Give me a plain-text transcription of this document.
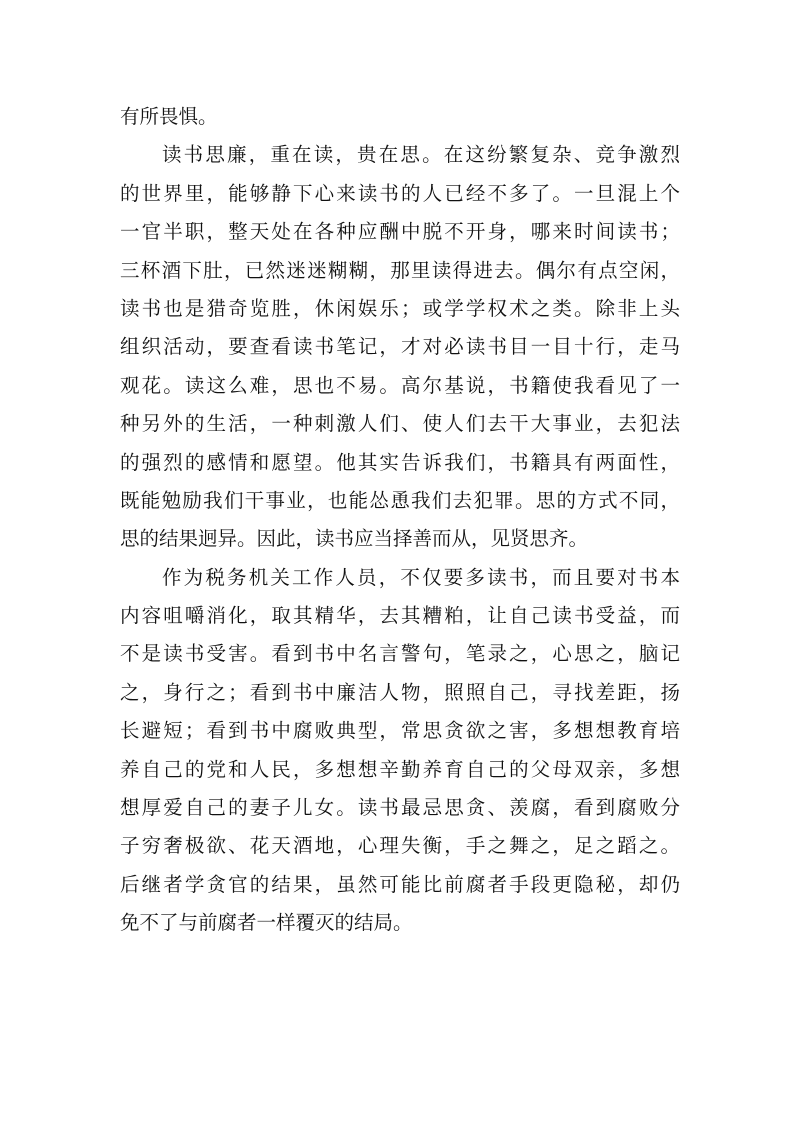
有所畏惧。
读书思廉，重在读，贵在思。在这纷繁复杂、竞争激烈
的世界里，能够静下心来读书的人已经不多了。一旦混上个
一官半职，整天处在各种应酬中脱不开身，哪来时间读书；
三杯酒下肚，已然迷迷糊糊，那里读得进去。偶尔有点空闲，
读书也是猎奇览胜，休闲娱乐；或学学权术之类。除非上头
组织活动，要查看读书笔记，才对必读书目一目十行，走马
观花。读这么难，思也不易。高尔基说，书籍使我看见了一
种另外的生活，一种刺激人们、使人们去干大事业，去犯法
的强烈的感情和愿望。他其实告诉我们，书籍具有两面性，
既能勉励我们干事业，也能怂恿我们去犯罪。思的方式不同，
思的结果迥异。因此，读书应当择善而从，见贤思齐。
作为税务机关工作人员，不仅要多读书，而且要对书本
内容咀嚼消化，取其精华，去其糟粕，让自己读书受益，而
不是读书受害。看到书中名言警句，笔录之，心思之，脑记
之，身行之；看到书中廉洁人物，照照自己，寻找差距，扬
长避短；看到书中腐败典型，常思贪欲之害，多想想教育培
养自己的党和人民，多想想辛勤养育自己的父母双亲，多想
想厚爱自己的妻子儿女。读书最忌思贪、羡腐，看到腐败分
子穷奢极欲、花天酒地，心理失衡，手之舞之，足之蹈之。
后继者学贪官的结果，虽然可能比前腐者手段更隐秘，却仍
免不了与前腐者一样覆灭的结局。
